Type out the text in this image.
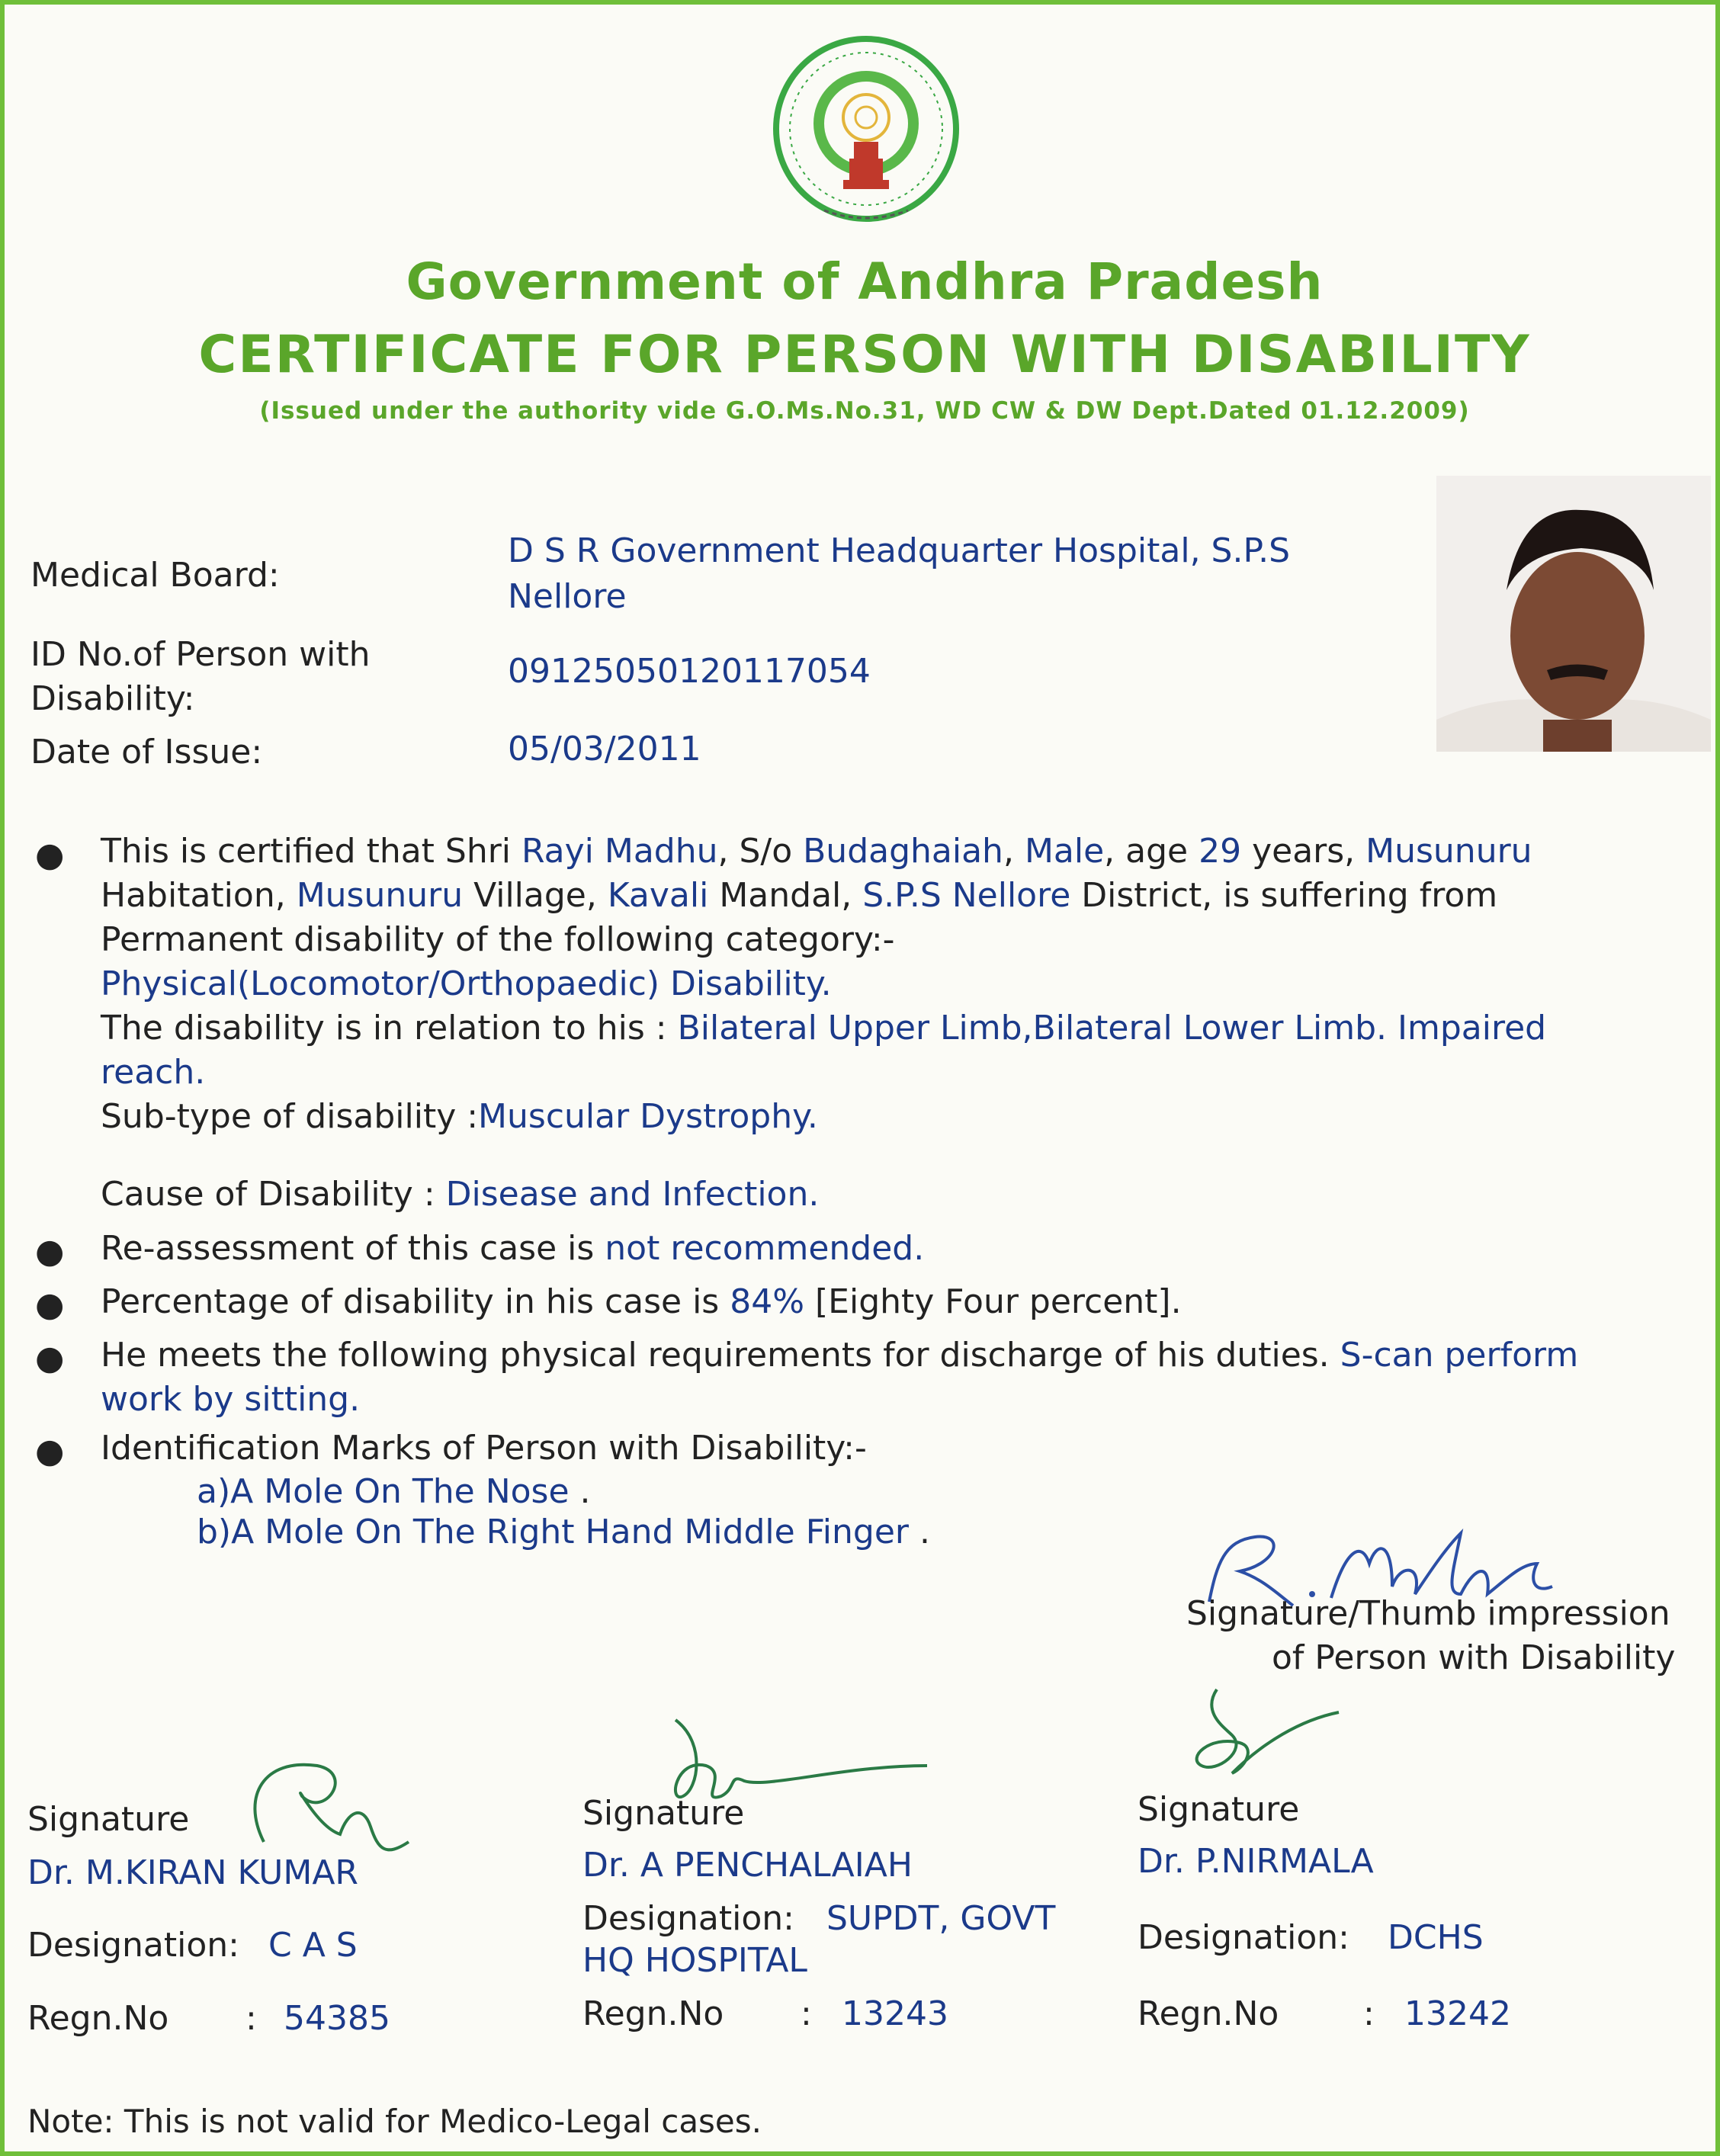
Government of Andhra Pradesh
CERTIFICATE FOR PERSON WITH DISABILITY
(Issued under the authority vide G.O.Ms.No.31, WD CW & DW Dept.Dated 01.12.2009)
Medical Board:
D S R Government Headquarter Hospital, S.P.S
Nellore
ID No.of Person with
Disability:
09125050120117054
Date of Issue:	05/03/2011
● This is certified that Shri Rayi Madhu, S/o Budaghaiah, Male, age 29 years, Musunuru Habitation, Musunuru Village, Kavali Mandal, S.P.S Nellore District, is suffering from

Permanent disability of the following category:-

Physical(Locomotor/Orthopaedic) Disability.

The disability is in relation to his : Bilateral Upper Limb,Bilateral Lower Limb. Impaired reach.

Sub-type of disability :Muscular Dystrophy.

Cause of Disability : Disease and Infection.

● Re-assessment of this case is not recommended.

● Percentage of disability in his case is 84% [Eighty Four percent].

● He meets the following physical requirements for discharge of his duties. S-can perform work by sitting.

● Identification Marks of Person with Disability:-
a)A Mole On The Nose .
b)A Mole On The Right Hand Middle Finger .
Signature/Thumb impression
of Person with Disability
Signature
Dr. M.KIRAN KUMAR
Designation: C A S
Regn.No : 54385
Signature
Dr. A PENCHALAIAH
Designation: SUPDT, GOVT
HQ HOSPITAL
Regn.No : 13243
Signature
Dr. P.NIRMALA
Designation: DCHS
Regn.No	: 13242
Note: This is not valid for Medico-Legal cases.
